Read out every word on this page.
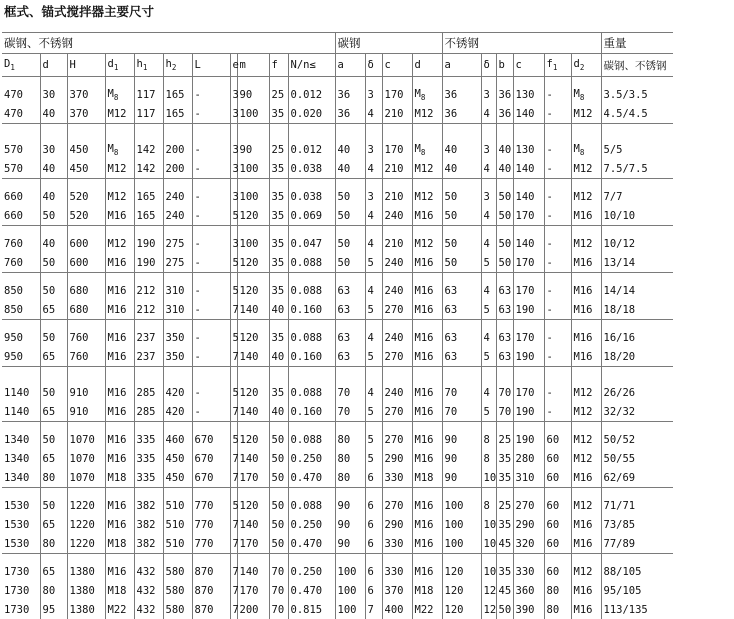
框式、锚式搅拌器主要尺寸
碳钢、不锈钢											碳钢				不锈钢						重量
$D_1$	d	H	$d_1$	$h_1$	$h_2$	L	e	m	f	N/n≤	a	δ	c	d	a	δ	b	c	$f_1$	$d_2$	碳钢、不锈钢

470	30	370	$M_8$	117	165	-	3	90	25	0.012	36	3	170	$M_8$	36	3	36	130	-	$M_8$	3.5/3.5
470	40	370	M12	117	165	-	3	100	35	0.020	36	4	210	M12	36	4	36	140	-	M12	4.5/4.5

570	30	450	$M_8$	142	200	-	3	90	25	0.012	40	3	170	$M_8$	40	3	40	130	-	$M_8$	5/5
570	40	450	M12	142	200	-	3	100	35	0.038	40	4	210	M12	40	4	40	140	-	M12	7.5/7.5

660	40	520	M12	165	240	-	3	100	35	0.038	50	3	210	M12	50	3	50	140	-	M12	7/7
660	50	520	M16	165	240	-	5	120	35	0.069	50	4	240	M16	50	4	50	170	-	M16	10/10

760	40	600	M12	190	275	-	3	100	35	0.047	50	4	210	M12	50	4	50	140	-	M12	10/12
760	50	600	M16	190	275	-	5	120	35	0.088	50	5	240	M16	50	5	50	170	-	M16	13/14

850	50	680	M16	212	310	-	5	120	35	0.088	63	4	240	M16	63	4	63	170	-	M16	14/14
850	65	680	M16	212	310	-	7	140	40	0.160	63	5	270	M16	63	5	63	190	-	M16	18/18

950	50	760	M16	237	350	-	5	120	35	0.088	63	4	240	M16	63	4	63	170	-	M16	16/16
950	65	760	M16	237	350	-	7	140	40	0.160	63	5	270	M16	63	5	63	190	-	M16	18/20

1140	50	910	M16	285	420	-	5	120	35	0.088	70	4	240	M16	70	4	70	170	-	M12	26/26
1140	65	910	M16	285	420	-	7	140	40	0.160	70	5	270	M16	70	5	70	190	-	M12	32/32

1340	50	1070	M16	335	460	670	5	120	50	0.088	80	5	270	M16	90	8	25	190	60	M12	50/52
1340	65	1070	M16	335	450	670	7	140	50	0.250	80	5	290	M16	90	8	35	280	60	M12	50/55
1340	80	1070	M18	335	450	670	7	170	50	0.470	80	6	330	M18	90	10	35	310	60	M16	62/69

1530	50	1220	M16	382	510	770	5	120	50	0.088	90	6	270	M16	100	8	25	270	60	M12	71/71
1530	65	1220	M16	382	510	770	7	140	50	0.250	90	6	290	M16	100	10	35	290	60	M16	73/85
1530	80	1220	M18	382	510	770	7	170	50	0.470	90	6	330	M16	100	10	45	320	60	M16	77/89

1730	65	1380	M16	432	580	870	7	140	70	0.250	100	6	330	M16	120	10	35	330	60	M12	88/105
1730	80	1380	M18	432	580	870	7	170	70	0.470	100	6	370	M18	120	12	45	360	80	M16	95/105
1730	95	1380	M22	432	580	870	7	200	70	0.815	100	7	400	M22	120	12	50	390	80	M16	113/135
